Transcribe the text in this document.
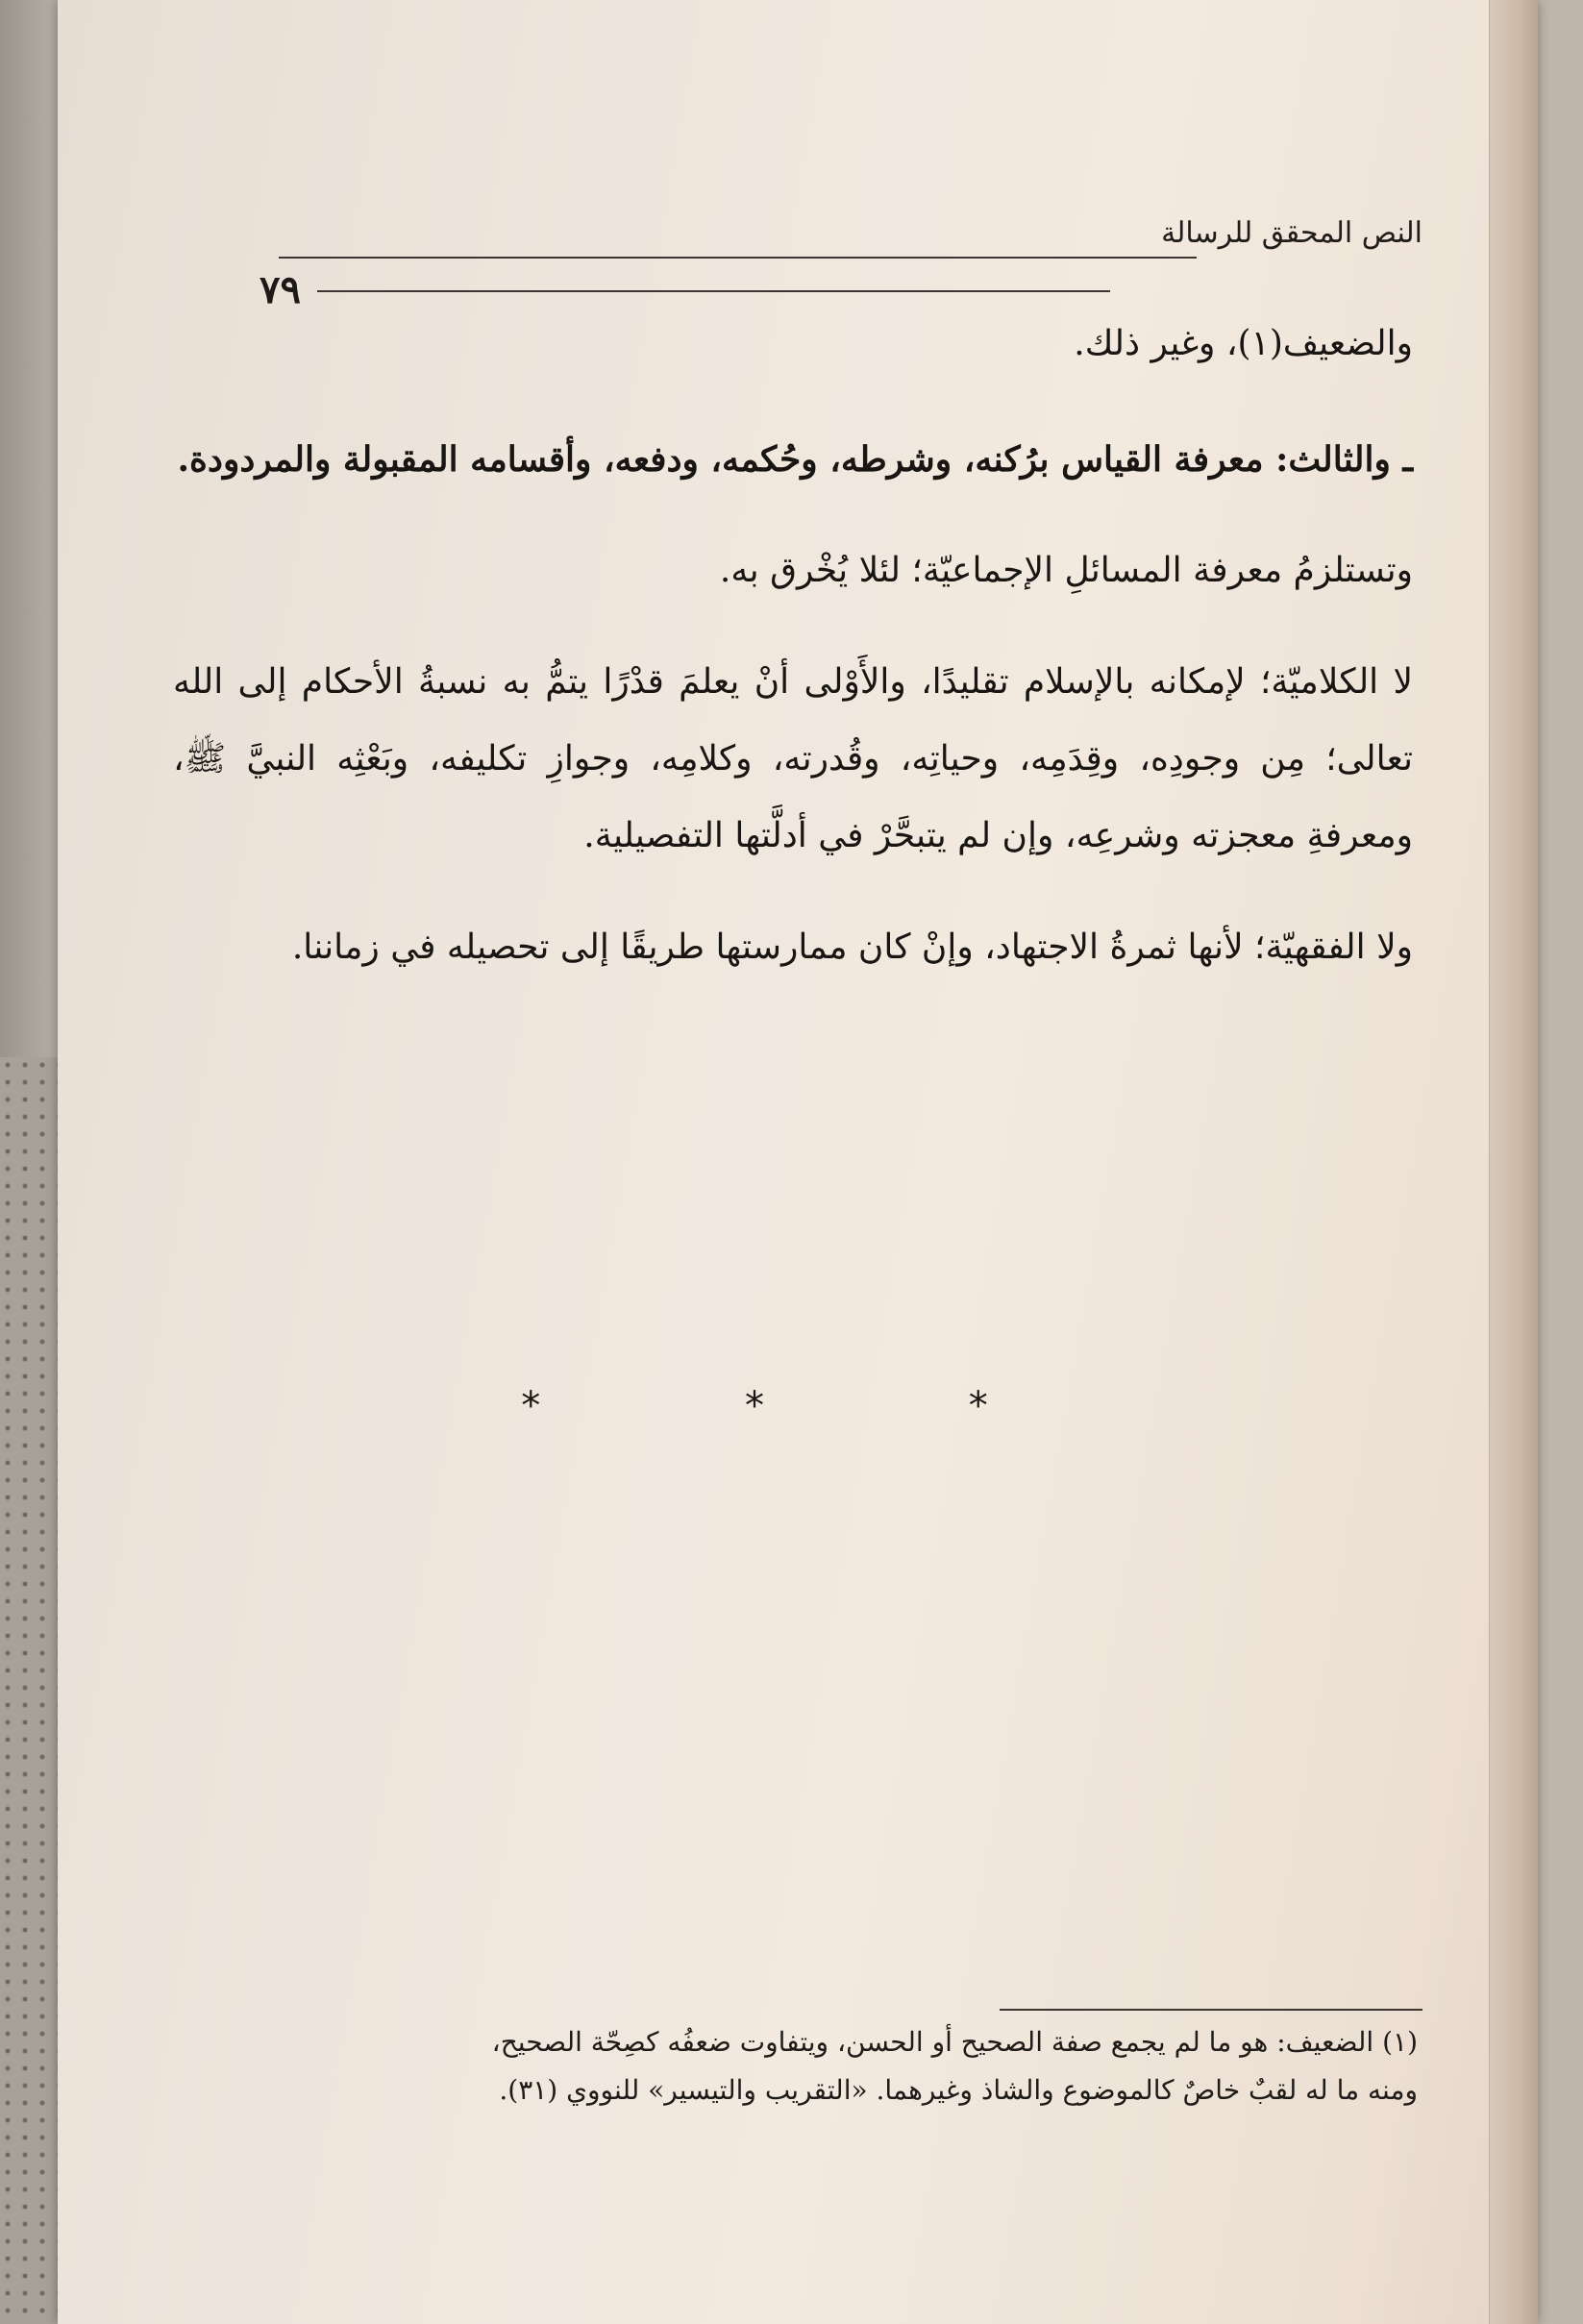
النص المحقق للرسالة
٧٩

والضعيف(١)، وغير ذلك.

ـ والثالث: معرفة القياس برُكنه، وشرطه، وحُكمه، ودفعه، وأقسامه المقبولة والمردودة.

وتستلزمُ معرفة المسائلِ الإجماعيّة؛ لئلا يُخْرق به.

لا الكلاميّة؛ لإمكانه بالإسلام تقليدًا، والأَوْلى أنْ يعلمَ قدْرًا يتمُّ به نسبةُ الأحكام إلى الله تعالى؛ مِن وجودِه، وقِدَمِه، وحياتِه، وقُدرته، وكلامِه، وجوازِ تكليفه، وبَعْثِه النبيَّ ﷺ، ومعرفةِ معجزته وشرعِه، وإن لم يتبحَّرْ في أدلَّتها التفصيلية.

ولا الفقهيّة؛ لأنها ثمرةُ الاجتهاد، وإنْ كان ممارستها طريقًا إلى تحصيله في زماننا.

* * *

(١) الضعيف: هو ما لم يجمع صفة الصحيح أو الحسن، ويتفاوت ضعفُه كصِحّة الصحيح،

ومنه ما له لقبٌ خاصٌ كالموضوع والشاذ وغيرهما. «التقريب والتيسير» للنووي (٣١).
